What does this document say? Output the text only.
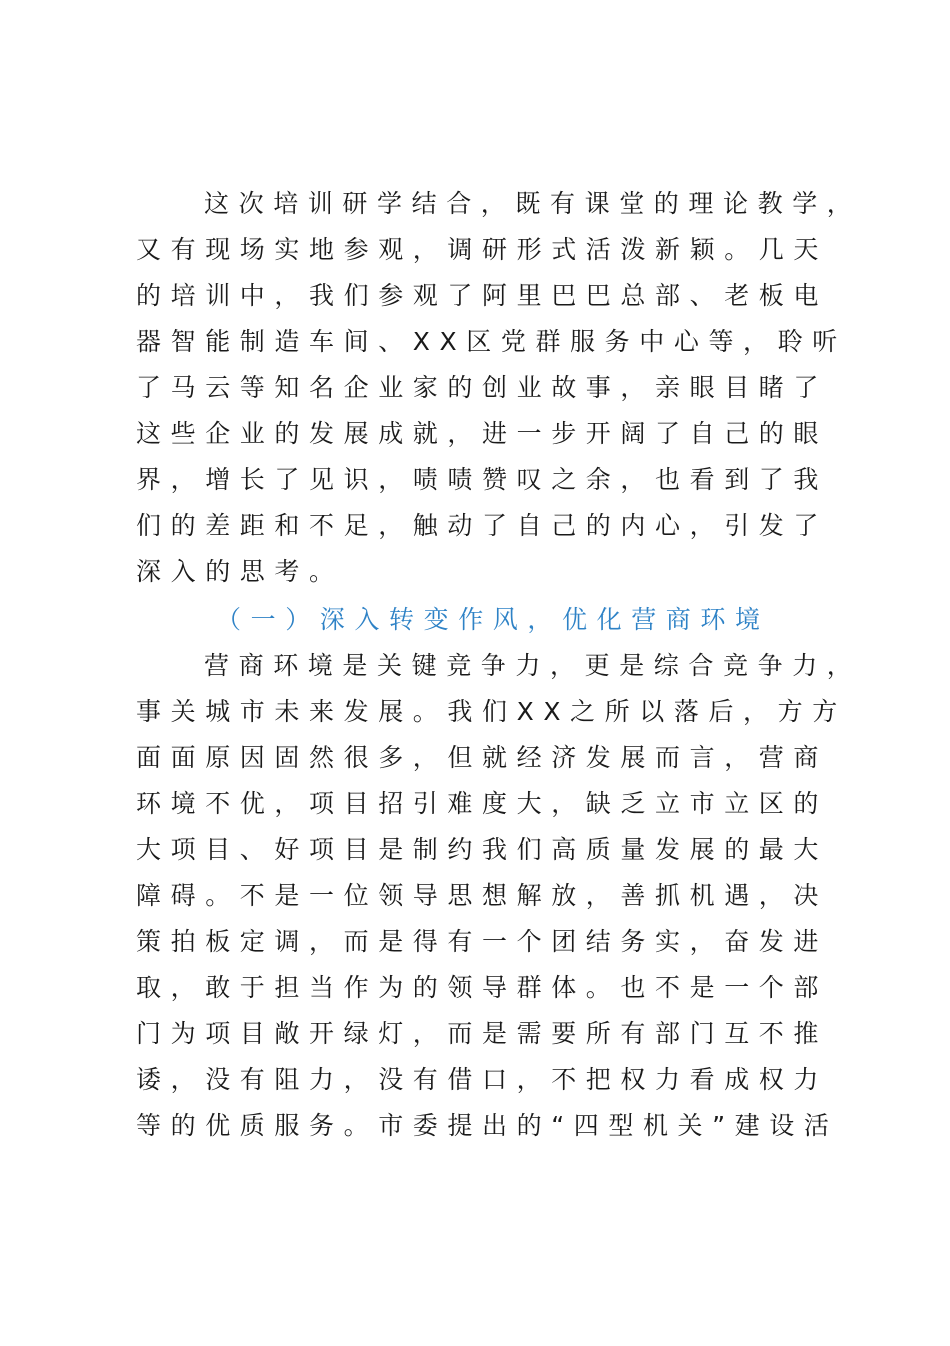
这次培训研学结合，既有课堂的理论教学，
又有现场实地参观，调研形式活泼新颖。几天
的培训中，我们参观了阿里巴巴总部、老板电
器智能制造车间、XX区党群服务中心等，聆听
了马云等知名企业家的创业故事，亲眼目睹了
这些企业的发展成就，进一步开阔了自己的眼
界，增长了见识，啧啧赞叹之余，也看到了我
们的差距和不足，触动了自己的内心，引发了
深入的思考。
（一）深入转变作风，优化营商环境
营商环境是关键竞争力，更是综合竞争力，
事关城市未来发展。我们XX之所以落后，方方
面面原因固然很多，但就经济发展而言，营商
环境不优，项目招引难度大，缺乏立市立区的
大项目、好项目是制约我们高质量发展的最大
障碍。不是一位领导思想解放，善抓机遇，决
策拍板定调，而是得有一个团结务实，奋发进
取，敢于担当作为的领导群体。也不是一个部
门为项目敞开绿灯，而是需要所有部门互不推
诿，没有阻力，没有借口，不把权力看成权力
等的优质服务。市委提出的“四型机关”建设活
